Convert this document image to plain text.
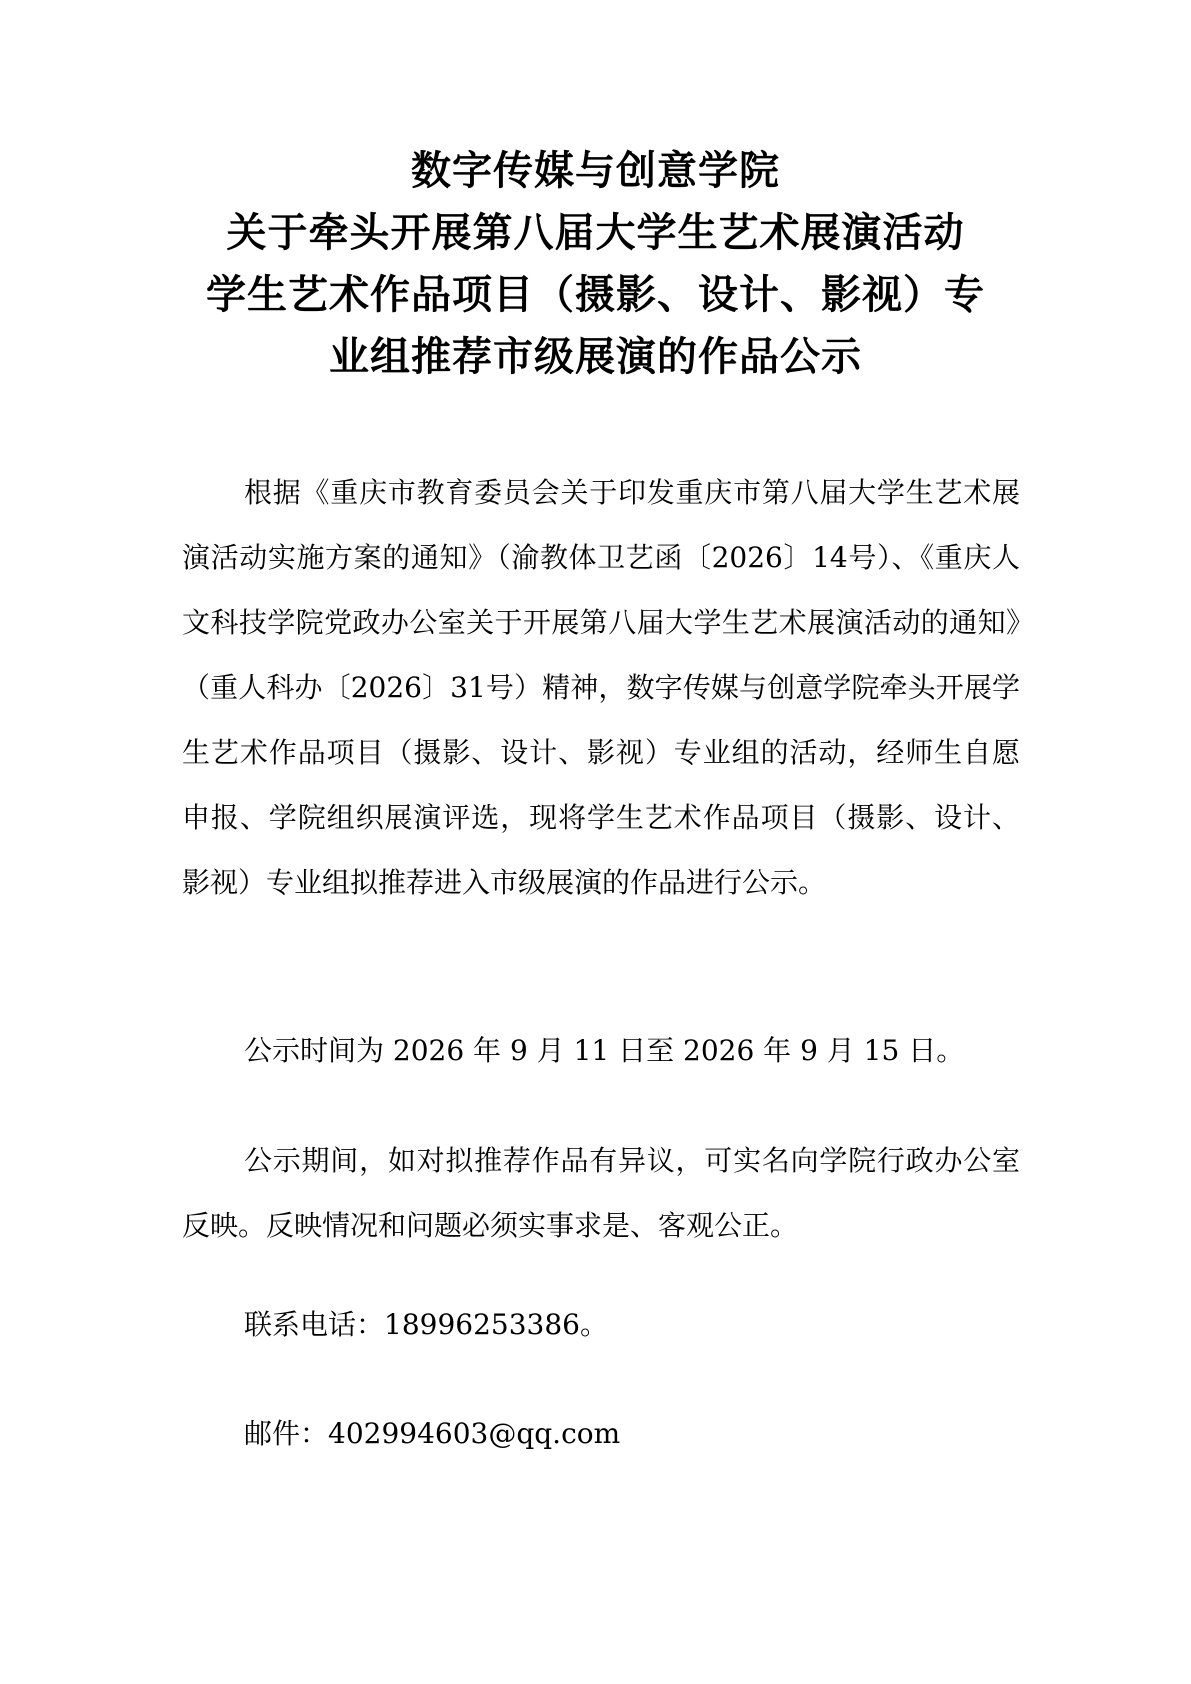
数字传媒与创意学院
关于牵头开展第八届大学生艺术展演活动
学生艺术作品项目（摄影、设计、影视）专
业组推荐市级展演的作品公示

根据《重庆市教育委员会关于印发重庆市第八届大学生艺术展演活动实施方案的通知》（渝教体卫艺函〔2026〕14号）、《重庆人文科技学院党政办公室关于开展第八届大学生艺术展演活动的通知》（重人科办〔2026〕31号）精神，数字传媒与创意学院牵头开展学生艺术作品项目（摄影、设计、影视）专业组的活动，经师生自愿申报、学院组织展演评选，现将学生艺术作品项目（摄影、设计、影视）专业组拟推荐进入市级展演的作品进行公示。

公示时间为 2026 年 9 月 11 日至 2026 年 9 月 15 日。

公示期间，如对拟推荐作品有异议，可实名向学院行政办公室反映。反映情况和问题必须实事求是、客观公正。

联系电话：18996253386。

邮件：402994603@qq.com
